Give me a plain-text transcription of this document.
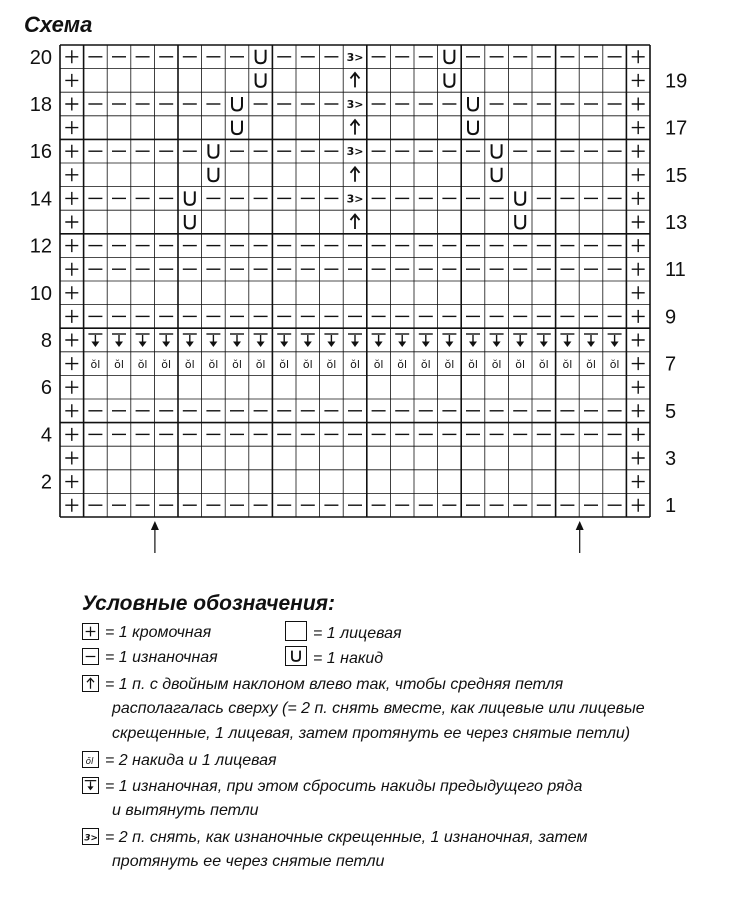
Схема
ŏl ŏl ŏl ŏl ŏl ŏl ŏl ŏl ŏl ŏl ŏl ŏl ŏl ŏl ŏl ŏl ŏl ŏl ŏl ŏl ŏl ŏl ŏl
3>
3>
3>
3>
20
18
16
14
12
10
8
6
4
2
19
17
15
13
11
9
7
5
3
1
Условные обозначения:
= 1 кромочная	= 1 лицевая
= 1 изнаночная	= 1 накид
= 1 п. с двойным наклоном влево так, чтобы средняя петля
располагалась сверху (= 2 п. снять вместе, как лицевые или лицевые
скрещенные, 1 лицевая, затем протянуть ее через снятые петли)
ŏl = 2 накида и 1 лицевая
= 1 изнаночная, при этом сбросить накиды предыдущего ряда
и вытянуть петли
3> = 2 п. снять, как изнаночные скрещенные, 1 изнаночная, затем
протянуть ее через снятые петли
